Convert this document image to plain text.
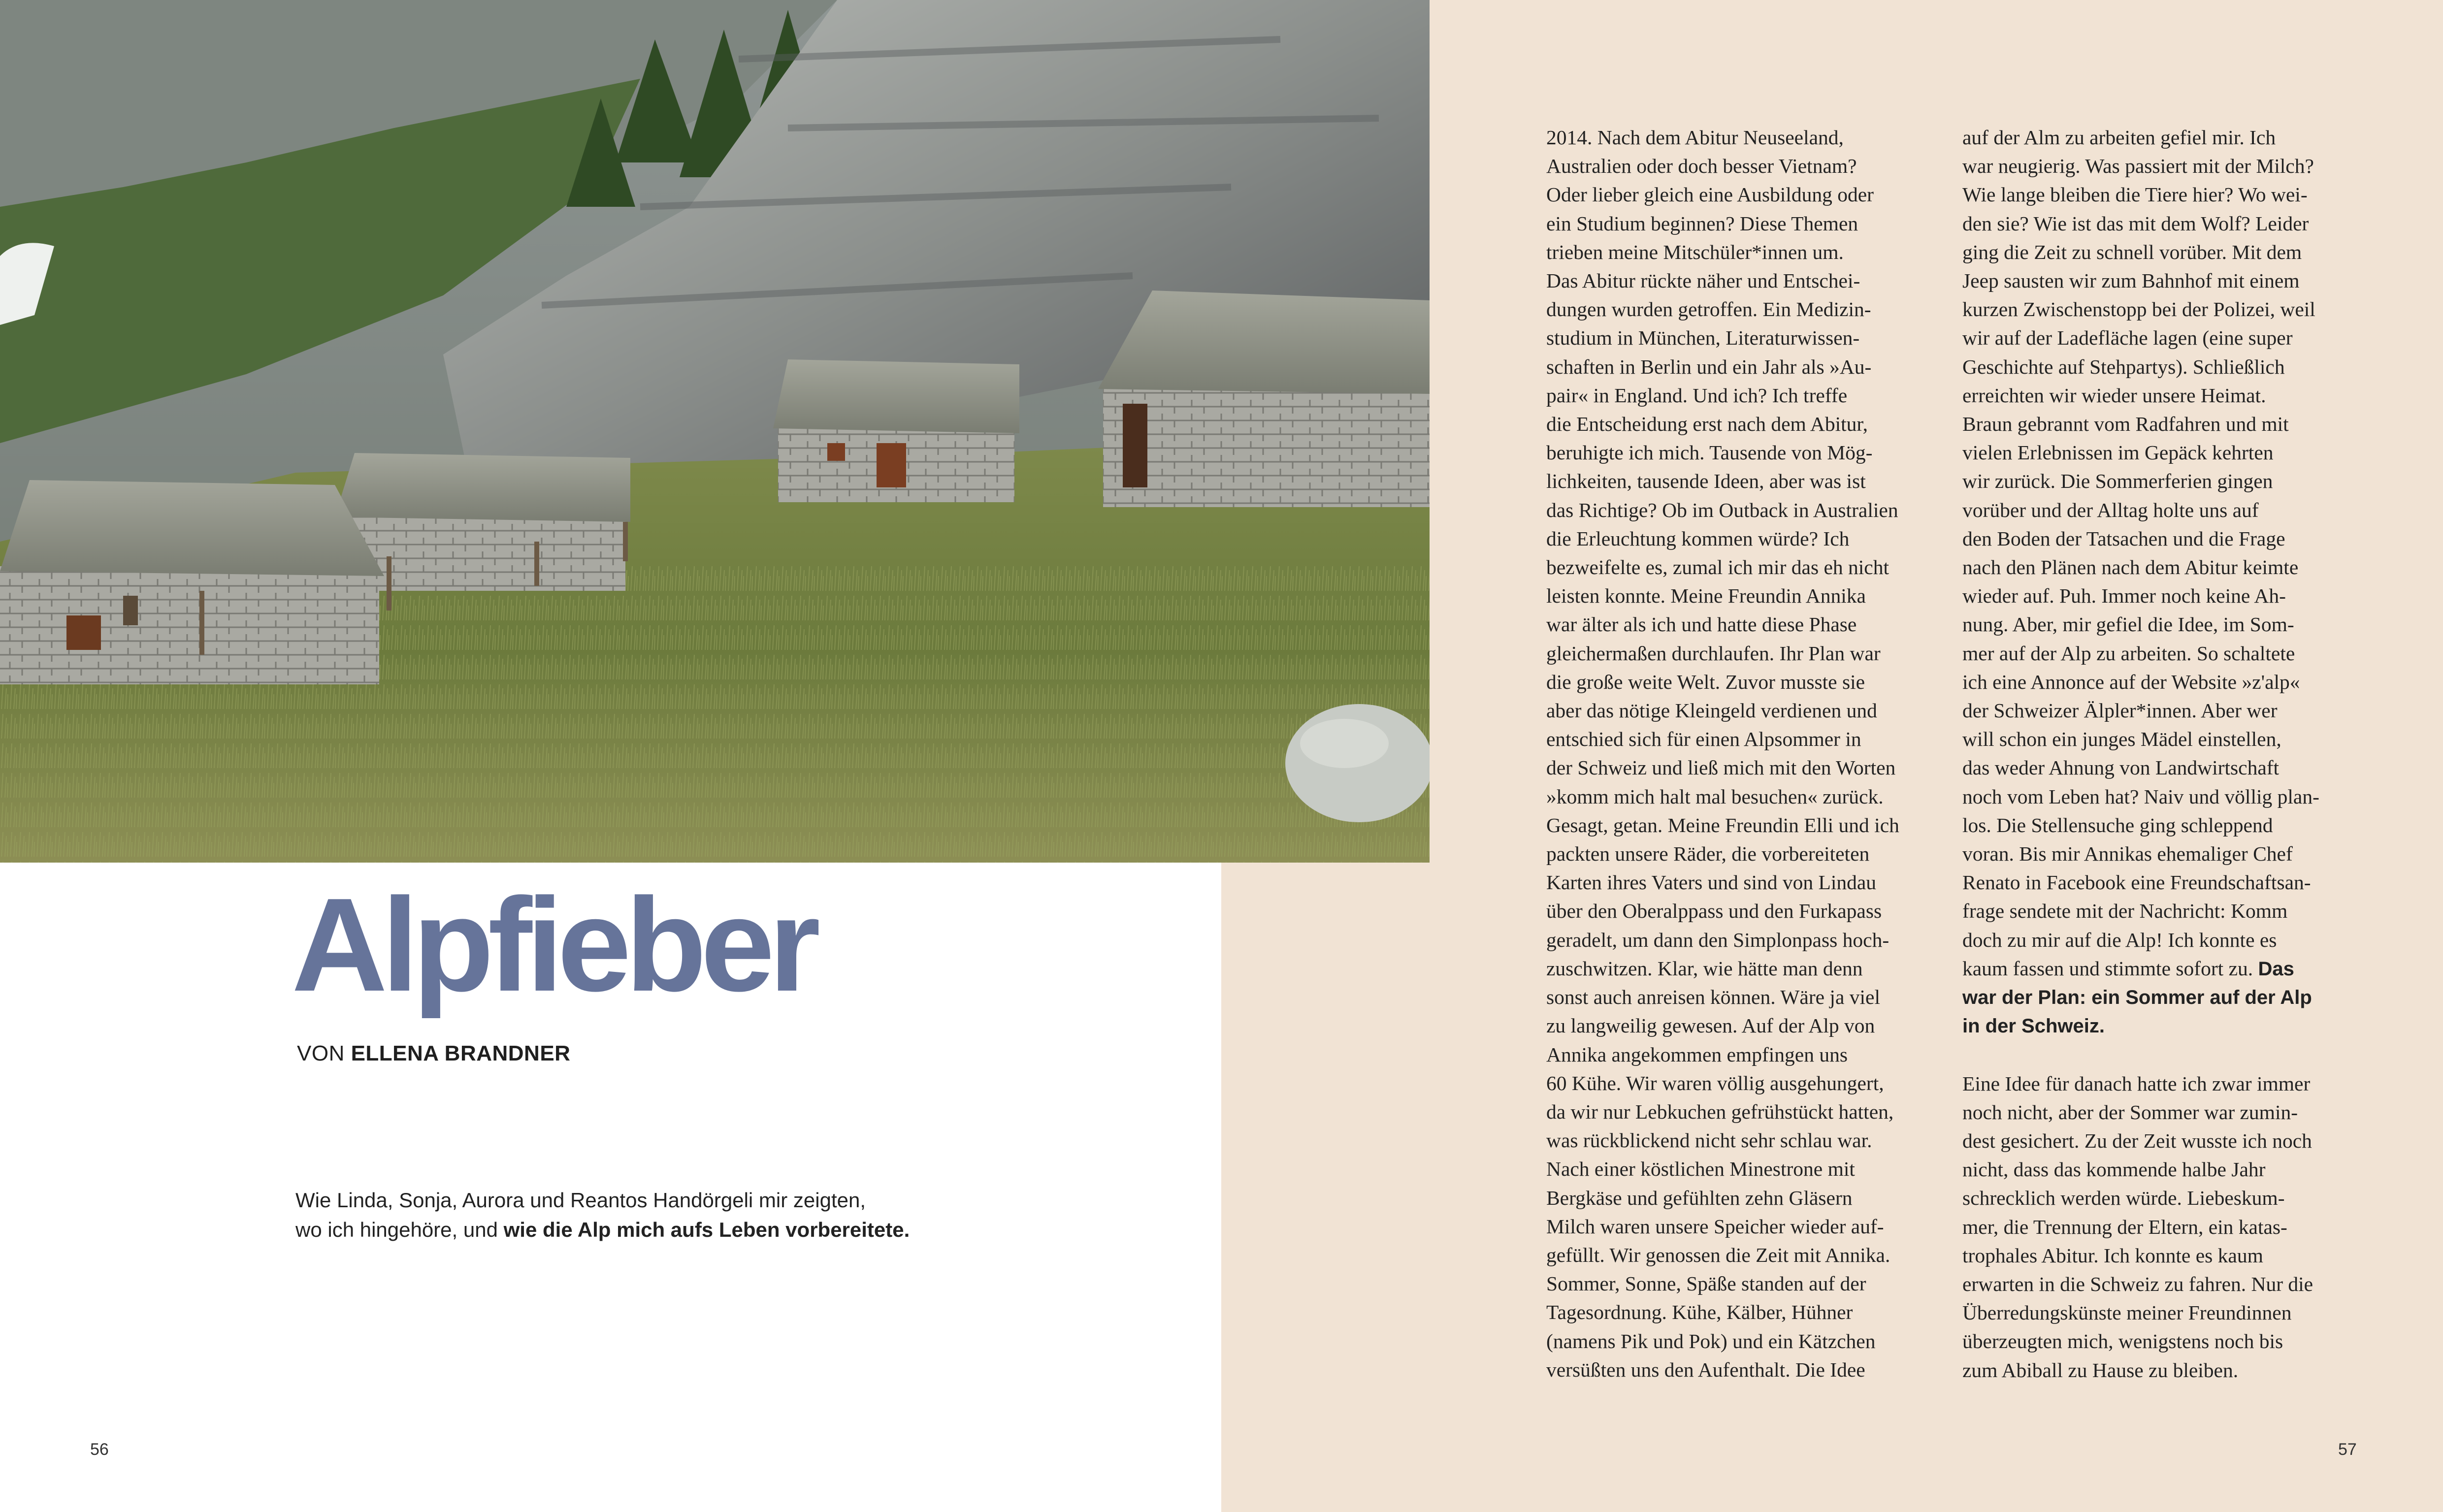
Alpfieber
VON ELLENA BRANDNER
Wie Linda, Sonja, Aurora und Reantos Handörgeli mir zeigten,
wo ich hingehöre, und wie die Alp mich aufs Leben vorbereitete.
2014. Nach dem Abitur Neuseeland,
Australien oder doch besser Vietnam?
Oder lieber gleich eine Ausbildung oder
ein Studium beginnen? Diese Themen
trieben meine Mitschüler*innen um.
Das Abitur rückte näher und Entschei-
dungen wurden getroffen. Ein Medizin-
studium in München, Literaturwissen-
schaften in Berlin und ein Jahr als »Au-
pair« in England. Und ich? Ich treffe
die Entscheidung erst nach dem Abitur,
beruhigte ich mich. Tausende von Mög-
lichkeiten, tausende Ideen, aber was ist
das Richtige? Ob im Outback in Australien
die Erleuchtung kommen würde? Ich
bezweifelte es, zumal ich mir das eh nicht
leisten konnte. Meine Freundin Annika
war älter als ich und hatte diese Phase
gleichermaßen durchlaufen. Ihr Plan war
die große weite Welt. Zuvor musste sie
aber das nötige Kleingeld verdienen und
entschied sich für einen Alpsommer in
der Schweiz und ließ mich mit den Worten
»komm mich halt mal besuchen« zurück.
Gesagt, getan. Meine Freundin Elli und ich
packten unsere Räder, die vorbereiteten
Karten ihres Vaters und sind von Lindau
über den Oberalppass und den Furkapass
geradelt, um dann den Simplonpass hoch-
zuschwitzen. Klar, wie hätte man denn
sonst auch anreisen können. Wäre ja viel
zu langweilig gewesen. Auf der Alp von
Annika angekommen empfingen uns
60 Kühe. Wir waren völlig ausgehungert,
da wir nur Lebkuchen gefrühstückt hatten,
was rückblickend nicht sehr schlau war.
Nach einer köstlichen Minestrone mit
Bergkäse und gefühlten zehn Gläsern
Milch waren unsere Speicher wieder auf-
gefüllt. Wir genossen die Zeit mit Annika.
Sommer, Sonne, Späße standen auf der
Tagesordnung. Kühe, Kälber, Hühner
(namens Pik und Pok) und ein Kätzchen
versüßten uns den Aufenthalt. Die Idee
auf der Alm zu arbeiten gefiel mir. Ich
war neugierig. Was passiert mit der Milch?
Wie lange bleiben die Tiere hier? Wo wei-
den sie? Wie ist das mit dem Wolf? Leider
ging die Zeit zu schnell vorüber. Mit dem
Jeep sausten wir zum Bahnhof mit einem
kurzen Zwischenstopp bei der Polizei, weil
wir auf der Ladefläche lagen (eine super
Geschichte auf Stehpartys). Schließlich
erreichten wir wieder unsere Heimat.
Braun gebrannt vom Radfahren und mit
vielen Erlebnissen im Gepäck kehrten
wir zurück. Die Sommerferien gingen
vorüber und der Alltag holte uns auf
den Boden der Tatsachen und die Frage
nach den Plänen nach dem Abitur keimte
wieder auf. Puh. Immer noch keine Ah-
nung. Aber, mir gefiel die Idee, im Som-
mer auf der Alp zu arbeiten. So schaltete
ich eine Annonce auf der Website »z'alp«
der Schweizer Älpler*innen. Aber wer
will schon ein junges Mädel einstellen,
das weder Ahnung von Landwirtschaft
noch vom Leben hat? Naiv und völlig plan-
los. Die Stellensuche ging schleppend
voran. Bis mir Annikas ehemaliger Chef
Renato in Facebook eine Freundschaftsan-
frage sendete mit der Nachricht: Komm
doch zu mir auf die Alp! Ich konnte es
kaum fassen und stimmte sofort zu. Das
war der Plan: ein Sommer auf der Alp
in der Schweiz.
Eine Idee für danach hatte ich zwar immer
noch nicht, aber der Sommer war zumin-
dest gesichert. Zu der Zeit wusste ich noch
nicht, dass das kommende halbe Jahr
schrecklich werden würde. Liebeskum-
mer, die Trennung der Eltern, ein katas-
trophales Abitur. Ich konnte es kaum
erwarten in die Schweiz zu fahren. Nur die
Überredungskünste meiner Freundinnen
überzeugten mich, wenigstens noch bis
zum Abiball zu Hause zu bleiben.
56	57
